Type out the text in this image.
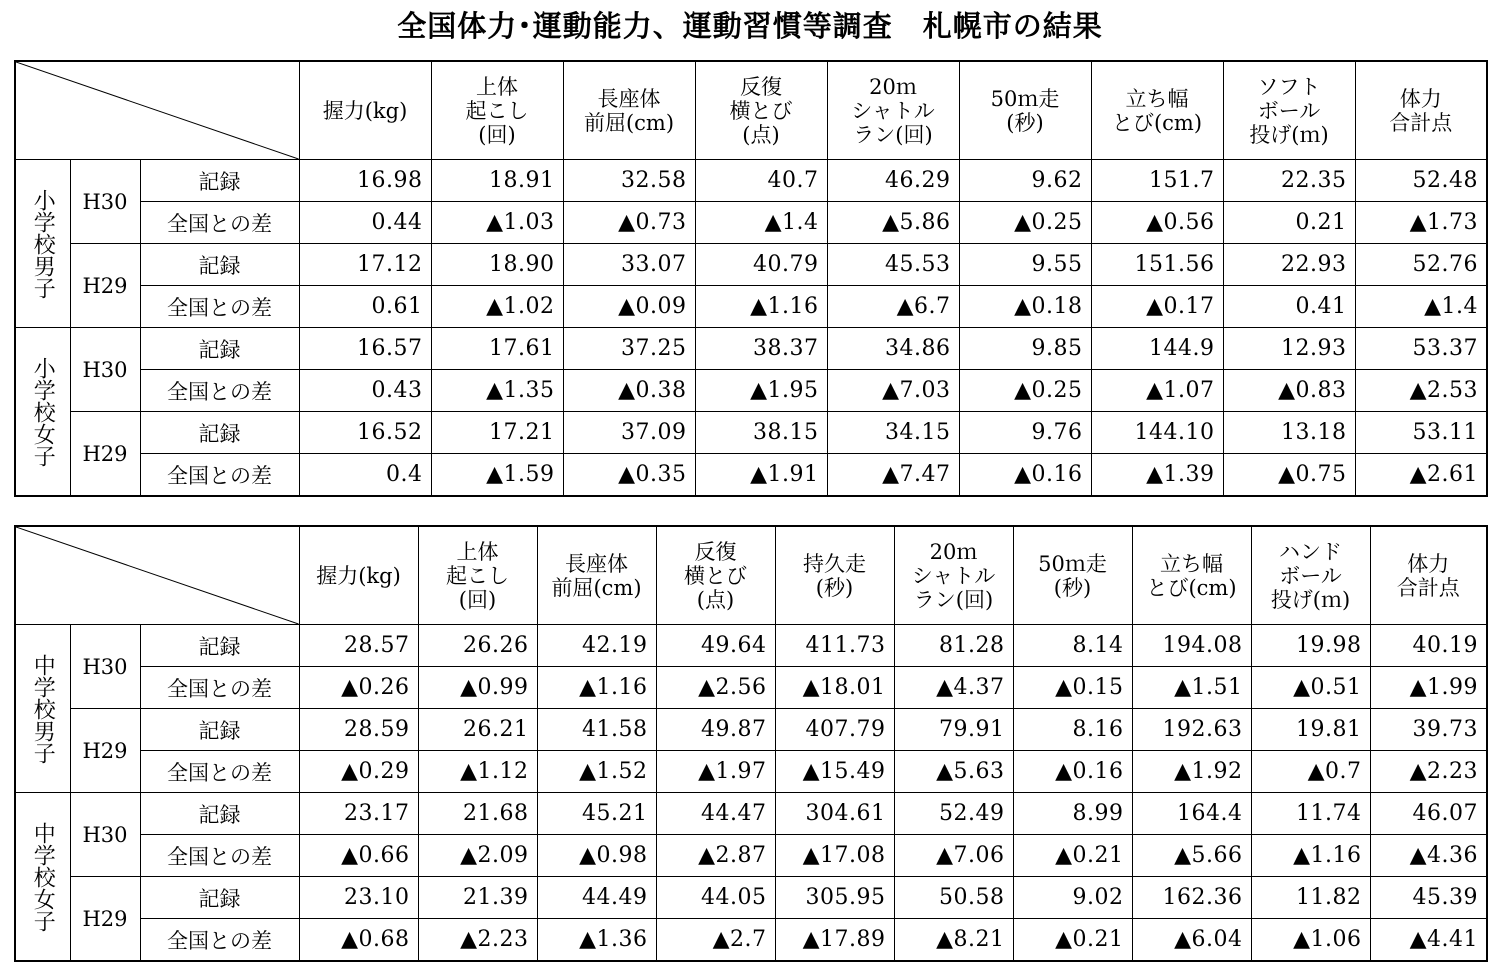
全国体力･運動能力、運動習慣等調査　札幌市の結果

	握力(kg)	上体
起こし
(回)	長座体
前屈(cm)	反復
横とび
(点)	20ｍ
シャトル
ラン(回)	50ｍ走
(秒)	立ち幅
とび(cm)	ソフト
ボール
投げ(ｍ)	体力
合計点

小学校男子	H30	記録	16.98	18.91	32.58	40.7	46.29	9.62	151.7	22.35	52.48
		全国との差	0.44	▲1.03	▲0.73	▲1.4	▲5.86	▲0.25	▲0.56	0.21	▲1.73
	H29	記録	17.12	18.90	33.07	40.79	45.53	9.55	151.56	22.93	52.76
		全国との差	0.61	▲1.02	▲0.09	▲1.16	▲6.7	▲0.18	▲0.17	0.41	▲1.4

小学校女子	H30	記録	16.57	17.61	37.25	38.37	34.86	9.85	144.9	12.93	53.37
		全国との差	0.43	▲1.35	▲0.38	▲1.95	▲7.03	▲0.25	▲1.07	▲0.83	▲2.53
	H29	記録	16.52	17.21	37.09	38.15	34.15	9.76	144.10	13.18	53.11
		全国との差	0.4	▲1.59	▲0.35	▲1.91	▲7.47	▲0.16	▲1.39	▲0.75	▲2.61

	握力(kg)	上体
起こし
(回)	長座体
前屈(cm)	反復
横とび
(点)	持久走
(秒)	20ｍ
シャトル
ラン(回)	50ｍ走
(秒)	立ち幅
とび(cm)	ハンド
ボール
投げ(ｍ)	体力
合計点

中学校男子	H30	記録	28.57	26.26	42.19	49.64	411.73	81.28	8.14	194.08	19.98	40.19
		全国との差	▲0.26	▲0.99	▲1.16	▲2.56	▲18.01	▲4.37	▲0.15	▲1.51	▲0.51	▲1.99
	H29	記録	28.59	26.21	41.58	49.87	407.79	79.91	8.16	192.63	19.81	39.73
		全国との差	▲0.29	▲1.12	▲1.52	▲1.97	▲15.49	▲5.63	▲0.16	▲1.92	▲0.7	▲2.23

中学校女子	H30	記録	23.17	21.68	45.21	44.47	304.61	52.49	8.99	164.4	11.74	46.07
		全国との差	▲0.66	▲2.09	▲0.98	▲2.87	▲17.08	▲7.06	▲0.21	▲5.66	▲1.16	▲4.36
	H29	記録	23.10	21.39	44.49	44.05	305.95	50.58	9.02	162.36	11.82	45.39
		全国との差	▲0.68	▲2.23	▲1.36	▲2.7	▲17.89	▲8.21	▲0.21	▲6.04	▲1.06	▲4.41
